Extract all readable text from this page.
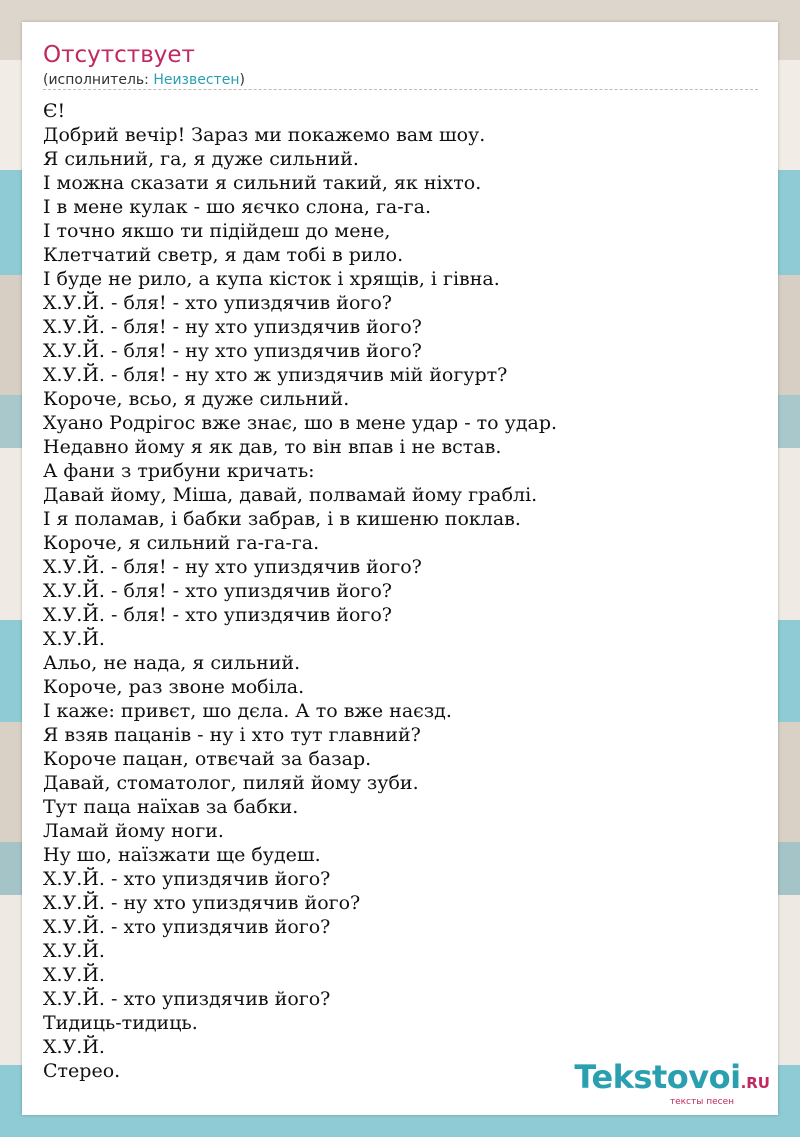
Отсутствует
(исполнитель: Неизвестен)
Є!
Добрий вечір! Зараз ми покажемо вам шоу.
Я сильний, га, я дуже сильний.
І можна сказати я сильний такий, як ніхто.
І в мене кулак - шо яєчко слона, га-га.
І точно якшо ти підійдеш до мене,
Клетчатий светр, я дам тобі в рило.
І буде не рило, а купа кісток і хрящів, і гівна.
Х.У.Й. - бля! - хто упиздячив його?
Х.У.Й. - бля! - ну хто упиздячив його?
Х.У.Й. - бля! - ну хто упиздячив його?
Х.У.Й. - бля! - ну хто ж упиздячив мій йогурт?
Короче, всьо, я дуже сильний.
Хуано Родрігос вже знає, шо в мене удар - то удар.
Недавно йому я як дав, то він впав і не встав.
А фани з трибуни кричать:
Давай йому, Міша, давай, полвамай йому граблі.
І я поламав, і бабки забрав, і в кишеню поклав.
Короче, я сильний га-га-га.
Х.У.Й. - бля! - ну хто упиздячив його?
Х.У.Й. - бля! - хто упиздячив його?
Х.У.Й. - бля! - хто упиздячив його?
Х.У.Й.
Альо, не нада, я сильний.
Короче, раз звоне мобіла.
І каже: привєт, шо дєла. А то вже наєзд.
Я взяв пацанів - ну і хто тут главний?
Короче пацан, отвєчай за базар.
Давай, стоматолог, пиляй йому зуби.
Тут паца наїхав за бабки.
Ламай йому ноги.
Ну шо, наїзжати ще будеш.
Х.У.Й. - хто упиздячив його?
Х.У.Й. - ну хто упиздячив його?
Х.У.Й. - хто упиздячив його?
Х.У.Й.
Х.У.Й.
Х.У.Й. - хто упиздячив його?
Тидиць-тидиць.
Х.У.Й.
Стерео.	Tekstovoi.RU
тексты песен
